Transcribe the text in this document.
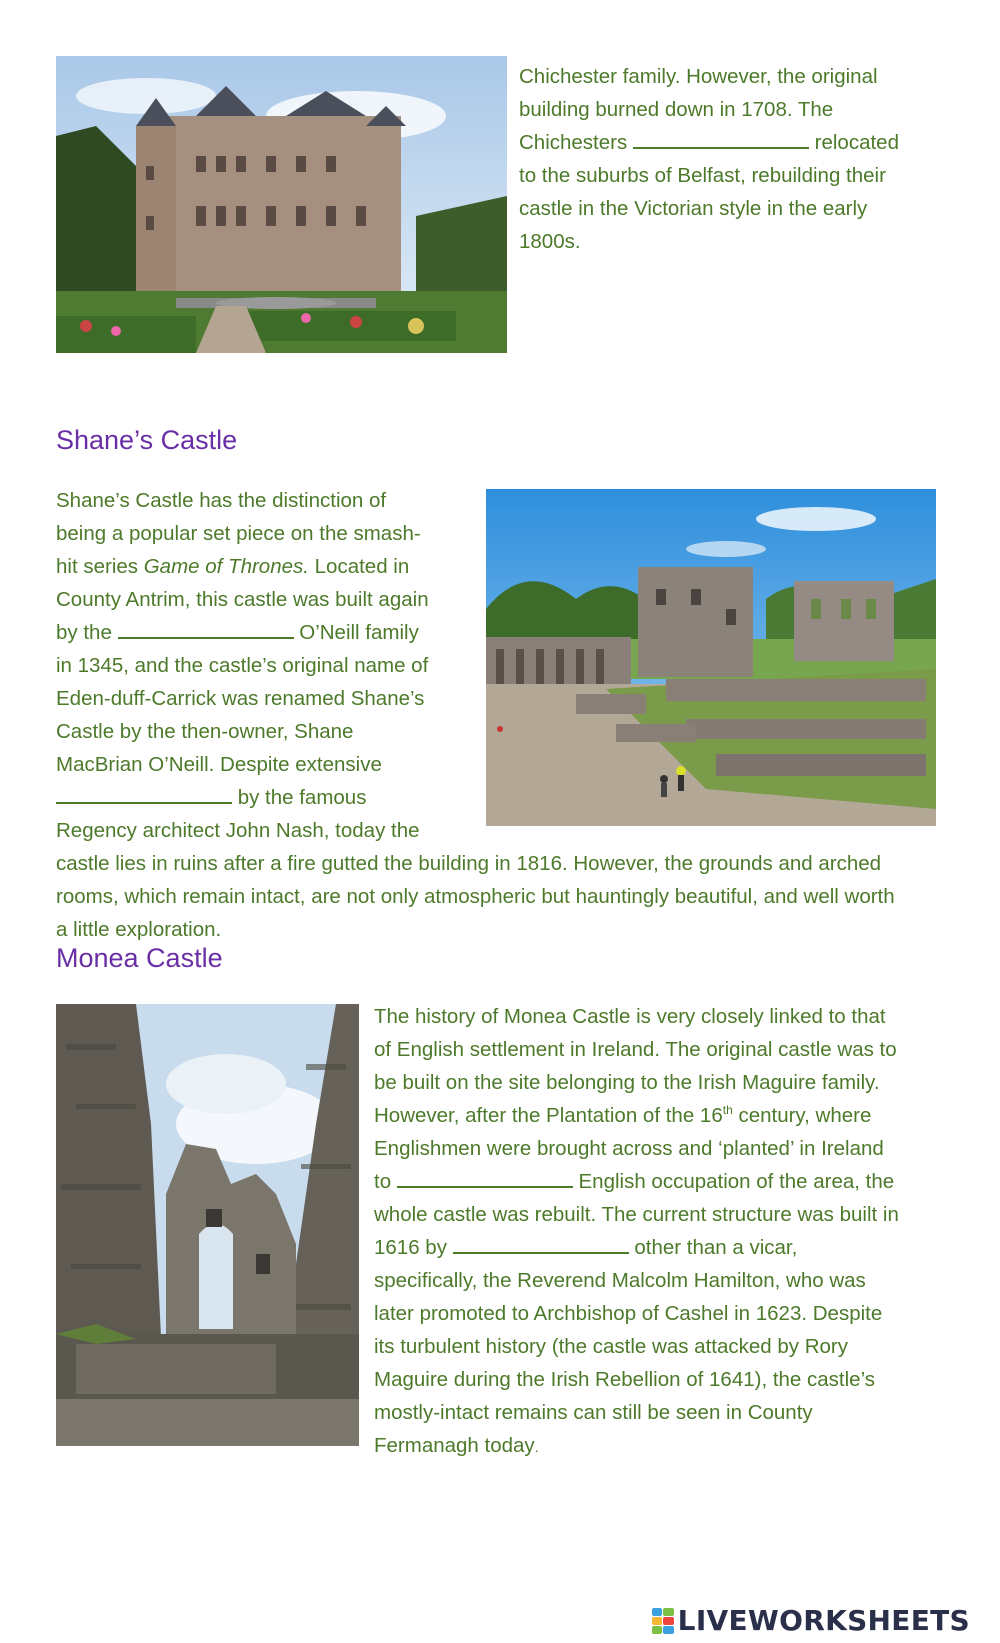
Chichester family. However, the original building burned down in 1708. The Chichesters	relocated to the suburbs of Belfast, rebuilding their castle in the Victorian style in the early 1800s.
Shane’s Castle
Shane’s Castle has the distinction of being a popular set piece on the smash-hit series Game of Thrones. Located in County Antrim, this castle was built again by the	O’Neill family in 1345, and the castle’s original name of Eden-duff-Carrick was renamed Shane’s Castle by the then-owner, Shane MacBrian O’Neill. Despite extensive  by the famous Regency architect John Nash, today the castle lies in ruins after a fire gutted the building in 1816. However, the grounds and arched rooms, which remain intact, are not only atmospheric but hauntingly beautiful, and well worth a little exploration.
Monea Castle
The history of Monea Castle is very closely linked to that of English settlement in Ireland. The original castle was to be built on the site belonging to the Irish Maguire family. However, after the Plantation of the 16th century, where Englishmen were brought across and ‘planted’ in Ireland to	English occupation of the area, the whole castle was rebuilt. The current structure was built in 1616 by	other than a vicar, specifically, the Reverend Malcolm Hamilton, who was later promoted to Archbishop of Cashel in 1623. Despite its turbulent history (the castle was attacked by Rory Maguire during the Irish Rebellion of 1641), the castle’s mostly-intact remains can still be seen in County Fermanagh today.
LIVEWORKSHEETS
